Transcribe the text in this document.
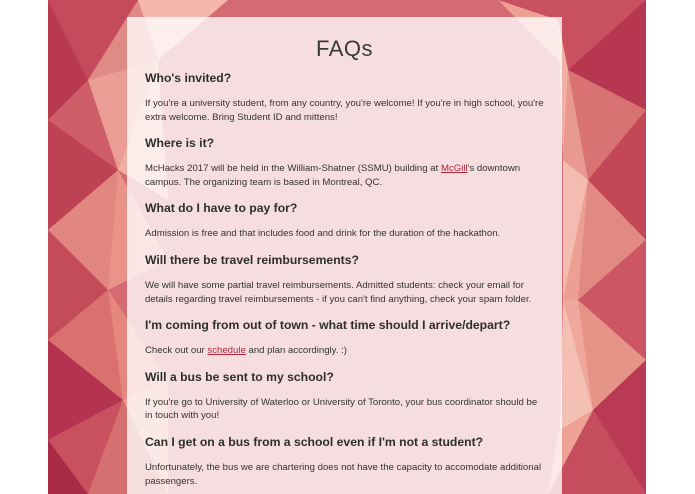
FAQs

Who's invited?

If you're a university student, from any country, you're welcome! If you're in high school, you're extra welcome. Bring Student ID and mittens!

Where is it?

McHacks 2017 will be held in the William-Shatner (SSMU) building at McGill's downtown campus. The organizing team is based in Montreal, QC.

What do I have to pay for?

Admission is free and that includes food and drink for the duration of the hackathon.

Will there be travel reimbursements?

We will have some partial travel reimbursements. Admitted students: check your email for details regarding travel reimbursements - if you can't find anything, check your spam folder.

I'm coming from out of town - what time should I arrive/depart?

Check out our schedule and plan accordingly. :)

Will a bus be sent to my school?

If you're go to University of Waterloo or University of Toronto, your bus coordinator should be in touch with you!

Can I get on a bus from a school even if I'm not a student?

Unfortunately, the bus we are chartering does not have the capacity to accomodate additional passengers.
